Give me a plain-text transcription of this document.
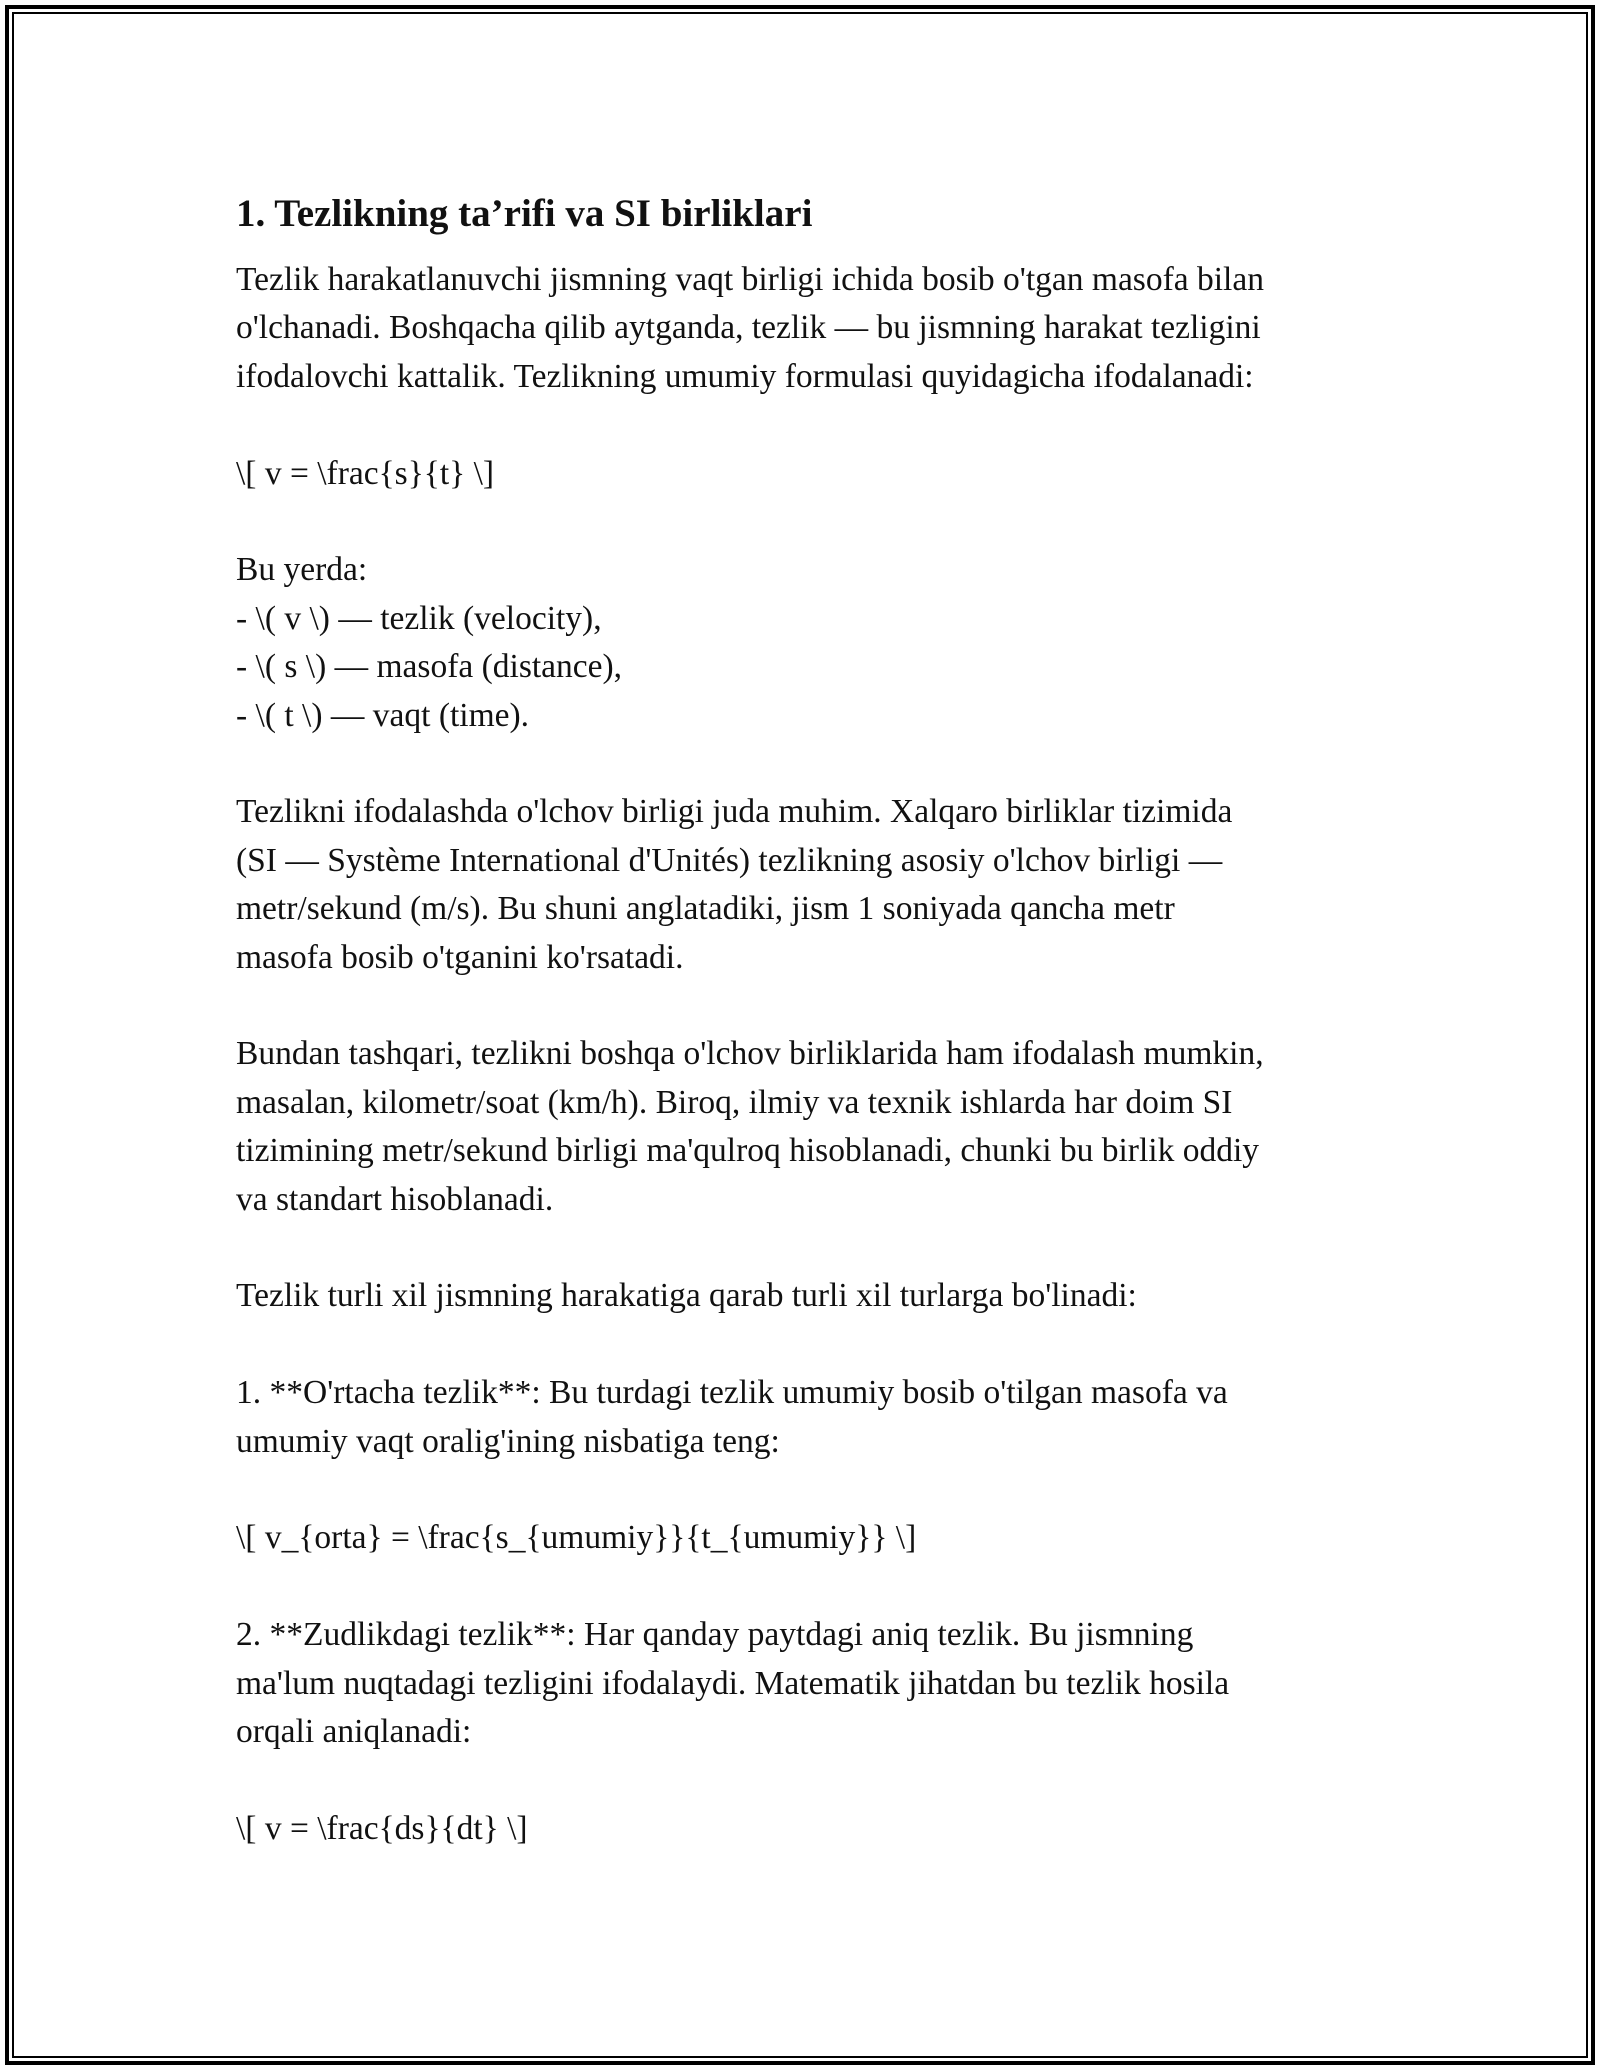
1. Tezlikning ta’rifi va SI birliklari
Tezlik harakatlanuvchi jismning vaqt birligi ichida bosib o'tgan masofa bilan
o'lchanadi. Boshqacha qilib aytganda, tezlik — bu jismning harakat tezligini
ifodalovchi kattalik. Tezlikning umumiy formulasi quyidagicha ifodalanadi:
\[ v = \frac{s}{t} \]
Bu yerda:
- \( v \) — tezlik (velocity),
- \( s \) — masofa (distance),
- \( t \) — vaqt (time).
Tezlikni ifodalashda o'lchov birligi juda muhim. Xalqaro birliklar tizimida
(SI — Système International d'Unités) tezlikning asosiy o'lchov birligi —
metr/sekund (m/s). Bu shuni anglatadiki, jism 1 soniyada qancha metr
masofa bosib o'tganini ko'rsatadi.
Bundan tashqari, tezlikni boshqa o'lchov birliklarida ham ifodalash mumkin,
masalan, kilometr/soat (km/h). Biroq, ilmiy va texnik ishlarda har doim SI
tizimining metr/sekund birligi ma'qulroq hisoblanadi, chunki bu birlik oddiy
va standart hisoblanadi.
Tezlik turli xil jismning harakatiga qarab turli xil turlarga bo'linadi:
1. **O'rtacha tezlik**: Bu turdagi tezlik umumiy bosib o'tilgan masofa va
umumiy vaqt oralig'ining nisbatiga teng:
\[ v_{orta} = \frac{s_{umumiy}}{t_{umumiy}} \]
2. **Zudlikdagi tezlik**: Har qanday paytdagi aniq tezlik. Bu jismning
ma'lum nuqtadagi tezligini ifodalaydi. Matematik jihatdan bu tezlik hosila
orqali aniqlanadi:
\[ v = \frac{ds}{dt} \]
